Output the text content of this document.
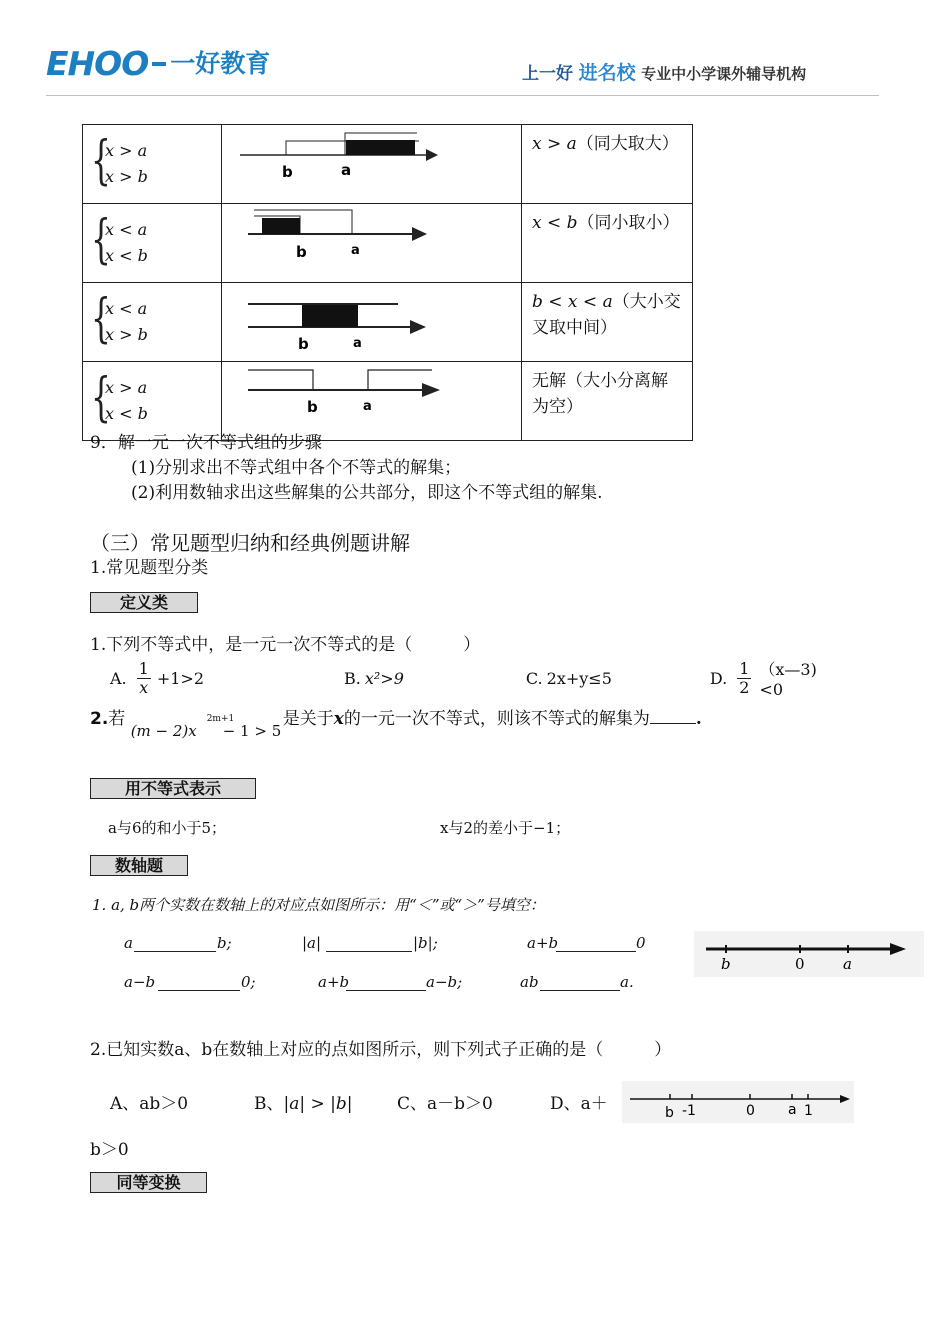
EHOO 一好教育	上一好 进名校 专业中小学课外辅导机构
{
x > a
x > b	b a	x > a（同大取大）

{
x < a
x < b	b a	x < b（同小取小）

{
x < a
x > b	b a	b < x < a（大小交叉取中间）

{
x > a
x < b	b a	无解（大小分离解为空）
9．解一元一次不等式组的步骤
(1)分别求出不等式组中各个不等式的解集；
(2)利用数轴求出这些解集的公共部分，即这个不等式组的解集.
（三）常见题型归纳和经典例题讲解
1.常见题型分类
定义类
1.下列不等式中，是一元一次不等式的是（　　　）
A. $\frac{1}{x} +1>2$	B. x²>9	C. 2x+y≤5	D. $\frac{1}{2}$ （x—3)<0
2.若
(m − 2)x
2m+1
− 1 > 5
是关于x的一元一次不等式，则该不等式的解集为	.
用不等式表示
a与6的和小于5；	x与2的差小于−1；
数轴题
1. a, b两个实数在数轴上的对应点如图所示：用“＜”或“＞”号填空：
a	b;	|a|	|b|;	a+b	0
a−b	0;	a+b	a−b;	ab	a.
b	0	a
2.已知实数a、b在数轴上对应的点如图所示，则下列式子正确的是（　　　）
A、ab＞0	B、|a| > |b|	C、a－b＞0	D、a＋
b＞0
b -1	0 a 1
同等变换
